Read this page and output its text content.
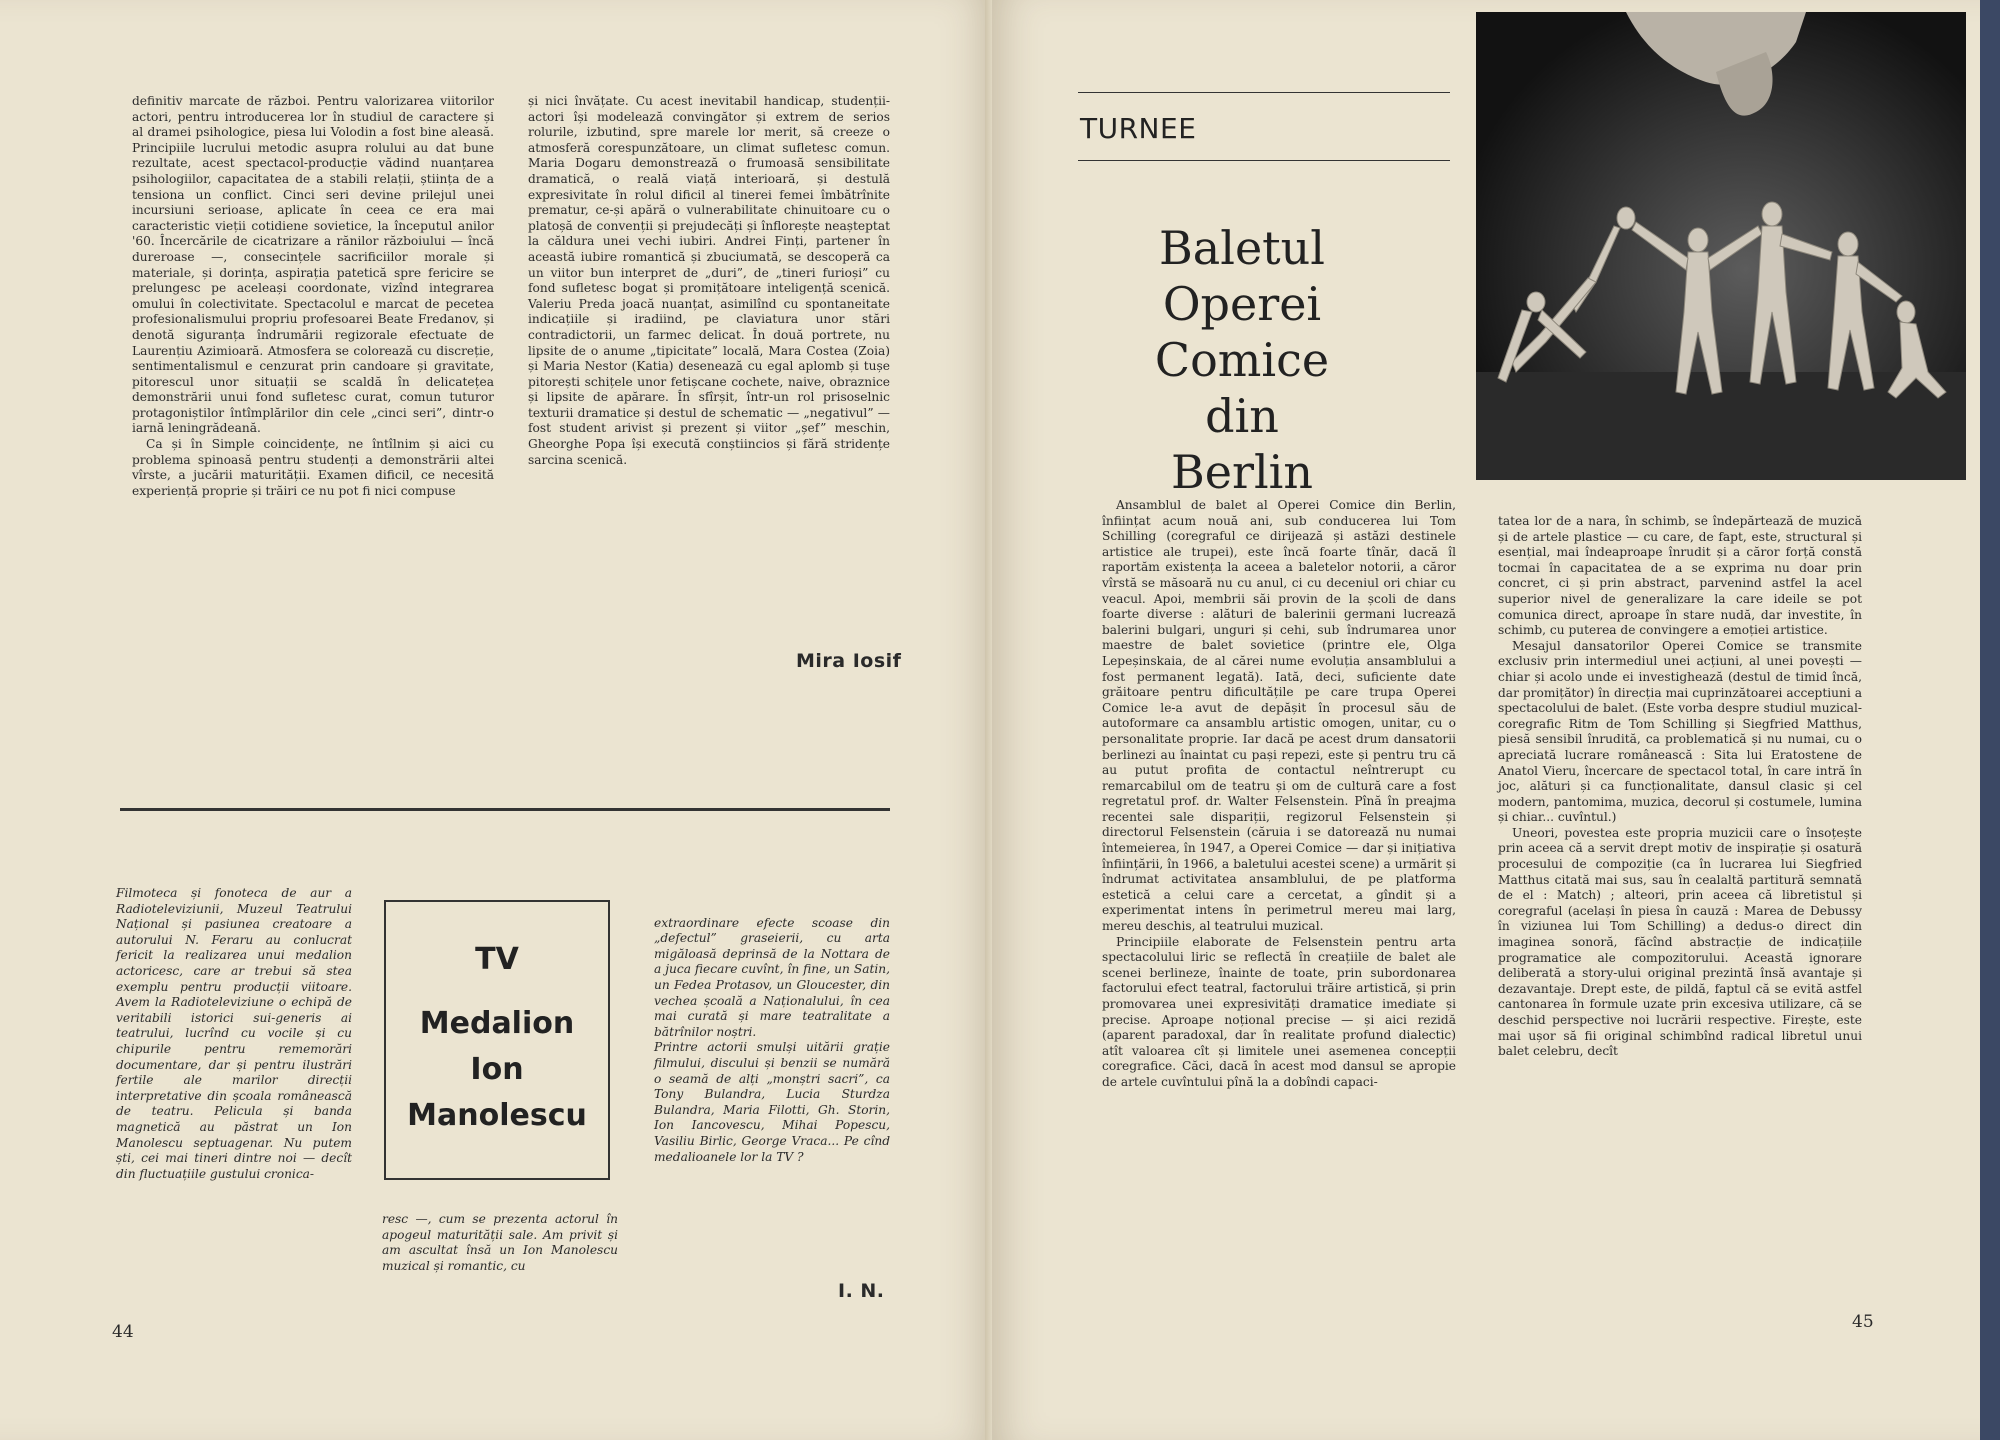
definitiv marcate de război. Pentru valorizarea viitorilor actori, pentru introducerea lor în studiul de caractere și al dramei psihologice, piesa lui Volodin a fost bine aleasă. Principiile lucrului metodic asupra rolului au dat bune rezultate, acest spectacol-producție vădind nuanțarea psihologiilor, capacitatea de a stabili relații, știința de a tensiona un conflict. Cinci seri devine prilejul unei incursiuni serioase, aplicate în ceea ce era mai caracteristic vieții cotidiene sovietice, la începutul anilor '60. Încercările de cicatrizare a rănilor războiului — încă dureroase —, consecințele sacrificiilor morale și materiale, și dorința, aspirația patetică spre fericire se prelungesc pe aceleași coordonate, vizînd integrarea omului în colectivitate. Spectacolul e marcat de pecetea profesionalismului propriu profesoarei Beate Fredanov, și denotă siguranța îndrumării regizorale efectuate de Laurențiu Azimioară. Atmosfera se colorează cu discreție, sentimentalismul e cenzurat prin candoare și gravitate, pitorescul unor situații se scaldă în delicatețea demonstrării unui fond sufletesc curat, comun tuturor protagoniștilor întîmplărilor din cele „cinci seri”, dintr-o iarnă leningrădeană.

Ca și în Simple coincidențe, ne întîlnim și aici cu problema spinoasă pentru studenți a demonstrării altei vîrste, a jucării maturității. Examen dificil, ce necesită experiență proprie și trăiri ce nu pot fi nici compuse

și nici învățate. Cu acest inevitabil handicap, studenții-actori își modelează convingător și extrem de serios rolurile, izbutind, spre marele lor merit, să creeze o atmosferă corespunzătoare, un climat sufletesc comun. Maria Dogaru demonstrează o frumoasă sensibilitate dramatică, o reală viață interioară, și destulă expresivitate în rolul dificil al tinerei femei îmbătrînite prematur, ce-și apără o vulnerabilitate chinuitoare cu o platoșă de convenții și prejudecăți și înflorește neașteptat la căldura unei vechi iubiri. Andrei Finți, partener în această iubire romantică și zbuciumată, se descoperă ca un viitor bun interpret de „duri”, de „tineri furioși” cu fond sufletesc bogat și promițătoare inteligență scenică. Valeriu Preda joacă nuanțat, asimilînd cu spontaneitate indicațiile și iradiind, pe claviatura unor stări contradictorii, un farmec delicat. În două portrete, nu lipsite de o anume „tipicitate” locală, Mara Costea (Zoia) și Maria Nestor (Katia) desenează cu egal aplomb și tușe pitorești schițele unor fetișcane cochete, naive, obraznice și lipsite de apărare. În sfîrșit, într-un rol prisoselnic texturii dramatice și destul de schematic — „negativul” — fost student arivist și prezent și viitor „șef” meschin, Gheorghe Popa își execută conștiincios și fără stridențe sarcina scenică.

Mira Iosif

Filmoteca și fonoteca de aur a Radioteleviziunii, Muzeul Teatrului Național și pasiunea creatoare a autorului N. Feraru au conlucrat fericit la realizarea unui medalion actoricesc, care ar trebui să stea exemplu pentru producții viitoare. Avem la Radioteleviziune o echipă de veritabili istorici sui-generis ai teatrului, lucrînd cu vocile și cu chipurile pentru rememorări documentare, dar și pentru ilustrări fertile ale marilor direcții interpretative din școala românească de teatru. Pelicula și banda magnetică au păstrat un Ion Manolescu septuagenar. Nu putem ști, cei mai tineri dintre noi — decît din fluctuațiile gustului cronica-

TV
Medalion
Ion
Manolescu

resc —, cum se prezenta actorul în apogeul maturității sale. Am privit și am ascultat însă un Ion Manolescu muzical și romantic, cu

extraordinare efecte scoase din „defectul” graseierii, cu arta migăloasă deprinsă de la Nottara de a juca fiecare cuvînt, în fine, un Satin, un Fedea Protasov, un Gloucester, din vechea școală a Naționalului, în cea mai curată și mare teatralitate a bătrînilor noștri.
Printre actorii smulși uitării grație filmului, discului și benzii se numără o seamă de alți „monștri sacri”, ca Tony Bulandra, Lucia Sturdza Bulandra, Maria Filotti, Gh. Storin, Ion Iancovescu, Mihai Popescu, Vasiliu Birlic, George Vraca... Pe cînd medalioanele lor la TV ?

I. N.
44
TURNEE
Baletul
Operei Comice
din
Berlin

Ansamblul de balet al Operei Comice din Berlin, înființat acum nouă ani, sub conducerea lui Tom Schilling (coregraful ce dirijează și astăzi destinele artistice ale trupei), este încă foarte tînăr, dacă îl raportăm existența la aceea a baletelor notorii, a căror vîrstă se măsoară nu cu anul, ci cu deceniul ori chiar cu veacul. Apoi, membrii săi provin de la școli de dans foarte diverse : alături de balerinii germani lucrează balerini bulgari, unguri și cehi, sub îndrumarea unor maestre de balet sovietice (printre ele, Olga Lepeșinskaia, de al cărei nume evoluția ansamblului a fost permanent legată). Iată, deci, suficiente date grăitoare pentru dificultățile pe care trupa Operei Comice le-a avut de depășit în procesul său de autoformare ca ansamblu artistic omogen, unitar, cu o personalitate proprie. Iar dacă pe acest drum dansatorii berlinezi au înaintat cu pași repezi, este și pentru tru că au putut profita de contactul neîntrerupt cu remarcabilul om de teatru și om de cultură care a fost regretatul prof. dr. Walter Felsenstein. Pînă în preajma recentei sale dispariții, regizorul Felsenstein și directorul Felsenstein (căruia i se datorează nu numai întemeierea, în 1947, a Operei Comice — dar și inițiativa înființării, în 1966, a baletului acestei scene) a urmărit și îndrumat activitatea ansamblului, de pe platforma estetică a celui care a cercetat, a gîndit și a experimentat intens în perimetrul mereu mai larg, mereu deschis, al teatrului muzical.

Principiile elaborate de Felsenstein pentru arta spectacolului liric se reflectă în creațiile de balet ale scenei berlineze, înainte de toate, prin subordonarea factorului efect teatral, factorului trăire artistică, și prin promovarea unei expresivități dramatice imediate și precise. Aproape noțional precise — și aici rezidă (aparent paradoxal, dar în realitate profund dialectic) atît valoarea cît și limitele unei asemenea concepții coregrafice. Căci, dacă în acest mod dansul se apropie de artele cuvîntului pînă la a dobîndi capaci-

tatea lor de a nara, în schimb, se îndepărtează de muzică și de artele plastice — cu care, de fapt, este, structural și esențial, mai îndeaproape înrudit și a căror forță constă tocmai în capacitatea de a se exprima nu doar prin concret, ci și prin abstract, parvenind astfel la acel superior nivel de generalizare la care ideile se pot comunica direct, aproape în stare nudă, dar investite, în schimb, cu puterea de convingere a emoției artistice.

Mesajul dansatorilor Operei Comice se transmite exclusiv prin intermediul unei acțiuni, al unei povești — chiar și acolo unde ei investighează (destul de timid încă, dar promițător) în direcția mai cuprinzătoarei acceptiuni a spectacolului de balet. (Este vorba despre studiul muzical-coregrafic Ritm de Tom Schilling și Siegfried Matthus, piesă sensibil înrudită, ca problematică și nu numai, cu o apreciată lucrare românească : Sita lui Eratostene de Anatol Vieru, încercare de spectacol total, în care intră în joc, alături și ca funcționalitate, dansul clasic și cel modern, pantomima, muzica, decorul și costumele, lumina și chiar... cuvîntul.)

Uneori, povestea este propria muzicii care o însoțește prin aceea că a servit drept motiv de inspirație și osatură procesului de compoziție (ca în lucrarea lui Siegfried Matthus citată mai sus, sau în cealaltă partitură semnată de el : Match) ; alteori, prin aceea că libretistul și coregraful (același în piesa în cauză : Marea de Debussy în viziunea lui Tom Schilling) a dedus-o direct din imaginea sonoră, făcînd abstracție de indicațiile programatice ale compozitorului. Această ignorare deliberată a story-ului original prezintă însă avantaje și dezavantaje. Drept este, de pildă, faptul că se evită astfel cantonarea în formule uzate prin excesiva utilizare, că se deschid perspective noi lucrării respective. Firește, este mai ușor să fii original schimbînd radical libretul unui balet celebru, decît

45
